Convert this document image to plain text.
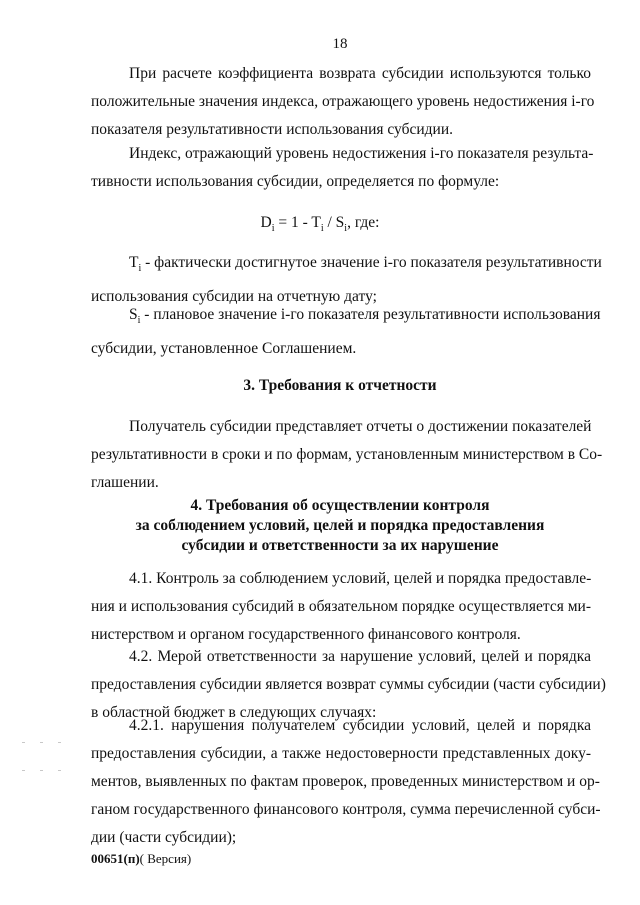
18
При расчете коэффициента возврата субсидии используются только
положительные значения индекса, отражающего уровень недостижения i-го
показателя результативности использования субсидии.
Индекс, отражающий уровень недостижения i-го показателя результа-
тивности использования субсидии, определяется по формуле:
$D_i = 1 - T_i / S_i$, где:
$T_i$ - фактически достигнутое значение i-го показателя результативности
использования субсидии на отчетную дату;
$S_i$ - плановое значение i-го показателя результативности использования
субсидии, установленное Соглашением.
3. Требования к отчетности
Получатель субсидии представляет отчеты о достижении показателей
результативности в сроки и по формам, установленным министерством в Со-
глашении.
4. Требования об осуществлении контроля
за соблюдением условий, целей и порядка предоставления
субсидии и ответственности за их нарушение
4.1. Контроль за соблюдением условий, целей и порядка предоставле-
ния и использования субсидий в обязательном порядке осуществляется ми-
нистерством и органом государственного финансового контроля.
4.2. Мерой ответственности за нарушение условий, целей и порядка
предоставления субсидии является возврат суммы субсидии (части субсидии)
в областной бюджет в следующих случаях:
4.2.1. нарушения получателем субсидии условий, целей и порядка
предоставления субсидии, а также недостоверности представленных доку-
ментов, выявленных по фактам проверок, проведенных министерством и ор-
ганом государственного финансового контроля, сумма перечисленной субси-
дии (части субсидии);
00651(п)( Версия)
